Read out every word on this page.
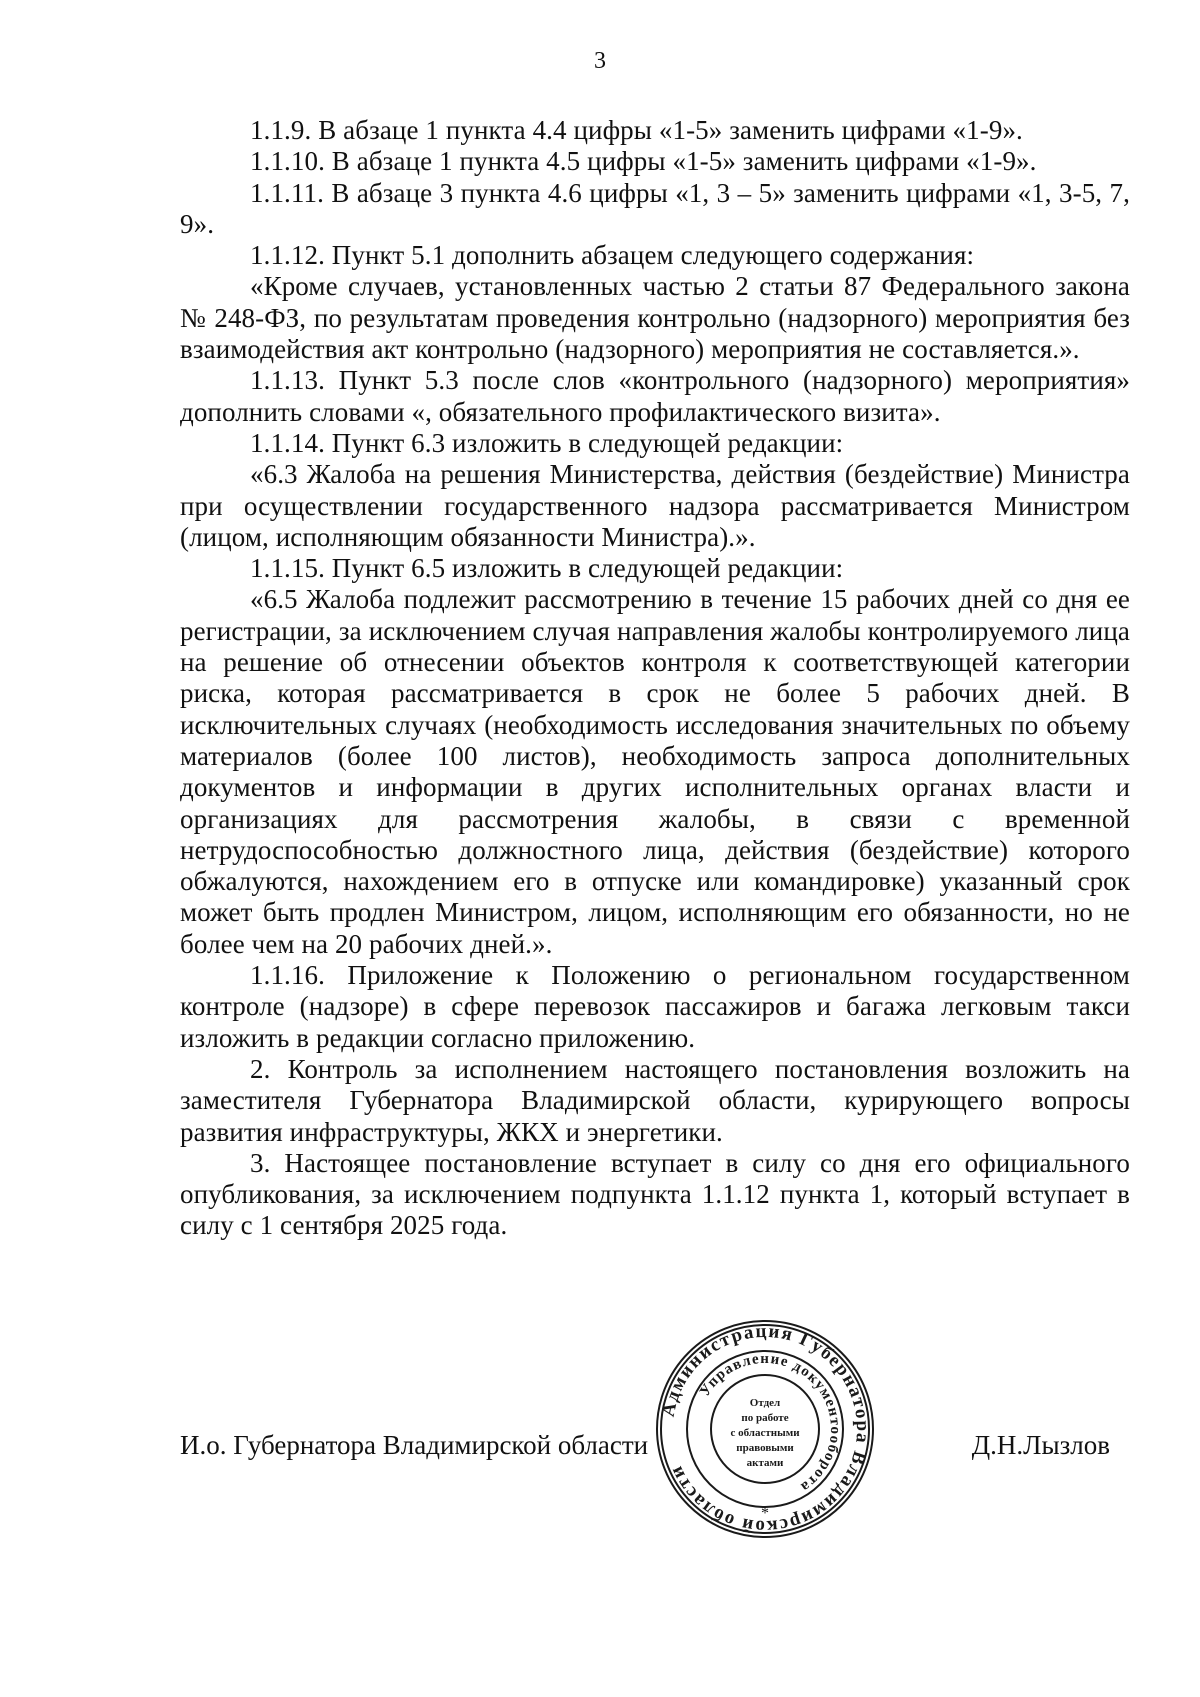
3

1.1.9. В абзаце 1 пункта 4.4 цифры «1-5» заменить цифрами «1-9».

1.1.10. В абзаце 1 пункта 4.5 цифры «1-5» заменить цифрами «1-9».

1.1.11. В абзаце 3 пункта 4.6 цифры «1, 3 – 5» заменить цифрами «1, 3-5, 7, 9».

1.1.12. Пункт 5.1 дополнить абзацем следующего содержания:

«Кроме случаев, установленных частью 2 статьи 87 Федерального закона № 248-ФЗ, по результатам проведения контрольно (надзорного) мероприятия без взаимодействия акт контрольно (надзорного) мероприятия не составляется.».

1.1.13. Пункт 5.3 после слов «контрольного (надзорного) мероприятия» дополнить словами «, обязательного профилактического визита».

1.1.14. Пункт 6.3 изложить в следующей редакции:

«6.3 Жалоба на решения Министерства, действия (бездействие) Министра при осуществлении государственного надзора рассматривается Министром (лицом, исполняющим обязанности Министра).».

1.1.15. Пункт 6.5 изложить в следующей редакции:

«6.5 Жалоба подлежит рассмотрению в течение 15 рабочих дней со дня ее регистрации, за исключением случая направления жалобы контролируемого лица на решение об отнесении объектов контроля к соответствующей категории риска, которая рассматривается в срок не более 5 рабочих дней. В исключительных случаях (необходимость исследования значительных по объему материалов (более 100 листов), необходимость запроса дополнительных документов и информации в других исполнительных органах власти и организациях для рассмотрения жалобы, в связи с временной нетрудоспособностью должностного лица, действия (бездействие) которого обжалуются, нахождением его в отпуске или командировке) указанный срок может быть продлен Министром, лицом, исполняющим его обязанности, но не более чем на 20 рабочих дней.».

1.1.16. Приложение к Положению о региональном государственном контроле (надзоре) в сфере перевозок пассажиров и багажа легковым такси изложить в редакции согласно приложению.

2. Контроль за исполнением настоящего постановления возложить на заместителя Губернатора Владимирской области, курирующего вопросы развития инфраструктуры, ЖКХ и энергетики.

3. Настоящее постановление вступает в силу со дня его официального опубликования, за исключением подпункта 1.1.12 пункта 1, который вступает в силу с 1 сентября 2025 года.

И.о. Губернатора Владимирской области	Д.Н.Лызлов
Администрация Губернатора Владимирской области
Управление документооборота
Отдел
по работе
с областными
правовыми
актами
*
